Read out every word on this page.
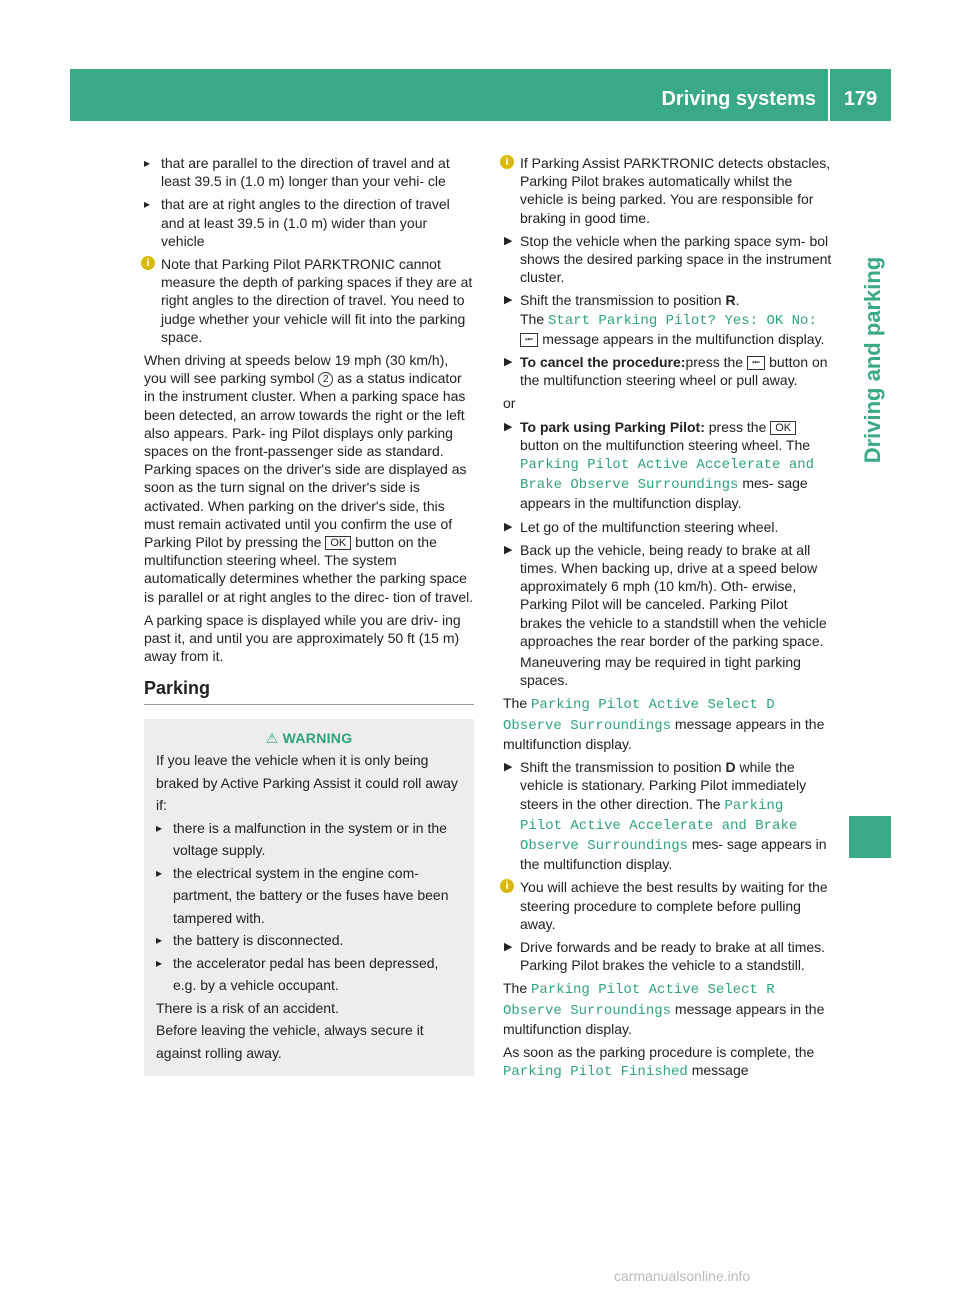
Driving systems	179
Driving and parking
▸ that are parallel to the direction of travel and at least 39.5 in (1.0 m) longer than your vehi- cle
▸ that are at right angles to the direction of travel and at least 39.5 in (1.0 m) wider than your vehicle
i Note that Parking Pilot PARKTRONIC cannot measure the depth of parking spaces if they are at right angles to the direction of travel. You need to judge whether your vehicle will fit into the parking space.

When driving at speeds below 19 mph (30 km/h), you will see parking symbol 2 as a status indicator in the instrument cluster. When a parking space has been detected, an arrow towards the right or the left also appears. Park- ing Pilot displays only parking spaces on the front-passenger side as standard. Parking spaces on the driver's side are displayed as soon as the turn signal on the driver's side is activated. When parking on the driver's side, this must remain activated until you confirm the use of Parking Pilot by pressing the OK button on the multifunction steering wheel. The system automatically determines whether the parking space is parallel or at right angles to the direc- tion of travel.

A parking space is displayed while you are driv- ing past it, and until you are approximately 50 ft (15 m) away from it.

Parking
⚠ WARNING

If you leave the vehicle when it is only being braked by Active Parking Assist it could roll away if:

▸ there is a malfunction in the system or in the voltage supply.
▸ the electrical system in the engine com- partment, the battery or the fuses have been tampered with.
▸ the battery is disconnected.
▸ the accelerator pedal has been depressed, e.g. by a vehicle occupant.

There is a risk of an accident.

Before leaving the vehicle, always secure it against rolling away.

i If Parking Assist PARKTRONIC detects obstacles, Parking Pilot brakes automatically whilst the vehicle is being parked. You are responsible for braking in good time.
▶ Stop the vehicle when the parking space sym- bol shows the desired parking space in the instrument cluster.
▶ Shift the transmission to position R.
The Start Parking Pilot? Yes: OK No: ⭰ message appears in the multifunction display.
▶ To cancel the procedure:press the ⭰ button on the multifunction steering wheel or pull away.

or

▶ To park using Parking Pilot: press the OK button on the multifunction steering wheel. The Parking Pilot Active Accelerate and Brake Observe Surroundings mes- sage appears in the multifunction display.
▶ Let go of the multifunction steering wheel.
▶ Back up the vehicle, being ready to brake at all times. When backing up, drive at a speed below approximately 6 mph (10 km/h). Oth- erwise, Parking Pilot will be canceled. Parking Pilot brakes the vehicle to a standstill when the vehicle approaches the rear border of the parking space.
Maneuvering may be required in tight parking spaces.

The Parking Pilot Active Select D Observe Surroundings message appears in the multifunction display.

▶ Shift the transmission to position D while the vehicle is stationary. Parking Pilot immediately steers in the other direction. The Parking Pilot Active Accelerate and Brake Observe Surroundings mes- sage appears in the multifunction display.
i You will achieve the best results by waiting for the steering procedure to complete before pulling away.
▶ Drive forwards and be ready to brake at all times. Parking Pilot brakes the vehicle to a standstill.

The Parking Pilot Active Select R Observe Surroundings message appears in the multifunction display.

As soon as the parking procedure is complete, the Parking Pilot Finished message

carmanualsonline.info
